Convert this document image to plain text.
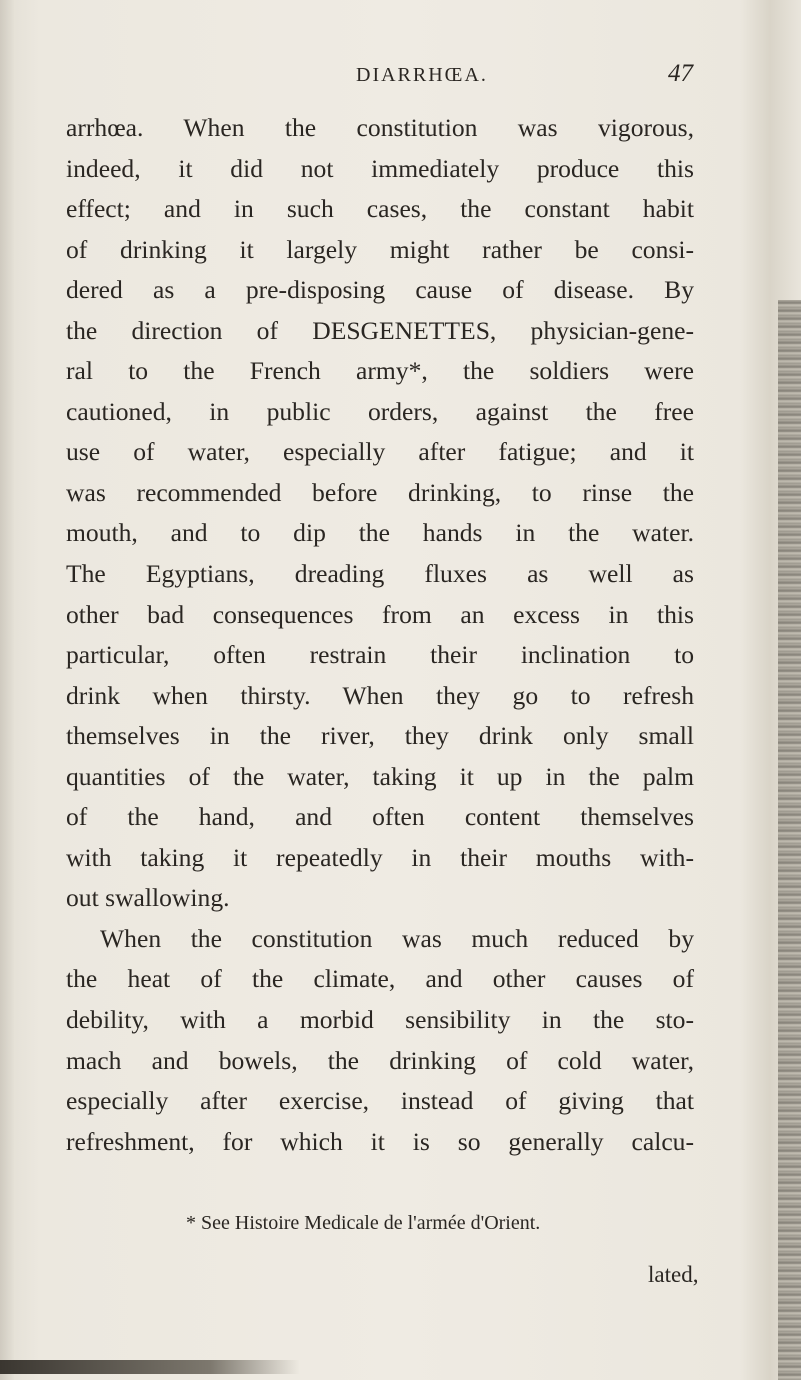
DIARRHŒA.	47
arrhœa. When the constitution was vigorous,
indeed, it did not immediately produce this
effect; and in such cases, the constant habit
of drinking it largely might rather be consi-
dered as a pre-disposing cause of disease. By
the direction of DESGENETTES, physician-gene-
ral to the French army*, the soldiers were
cautioned, in public orders, against the free
use of water, especially after fatigue; and it
was recommended before drinking, to rinse the
mouth, and to dip the hands in the water.
The Egyptians, dreading fluxes as well as
other bad consequences from an excess in this
particular, often restrain their inclination to
drink when thirsty. When they go to refresh
themselves in the river, they drink only small
quantities of the water, taking it up in the palm
of the hand, and often content themselves
with taking it repeatedly in their mouths with-
out swallowing.
When the constitution was much reduced by
the heat of the climate, and other causes of
debility, with a morbid sensibility in the sto-
mach and bowels, the drinking of cold water,
especially after exercise, instead of giving that
refreshment, for which it is so generally calcu-
* See Histoire Medicale de l'armée d'Orient.
lated,
